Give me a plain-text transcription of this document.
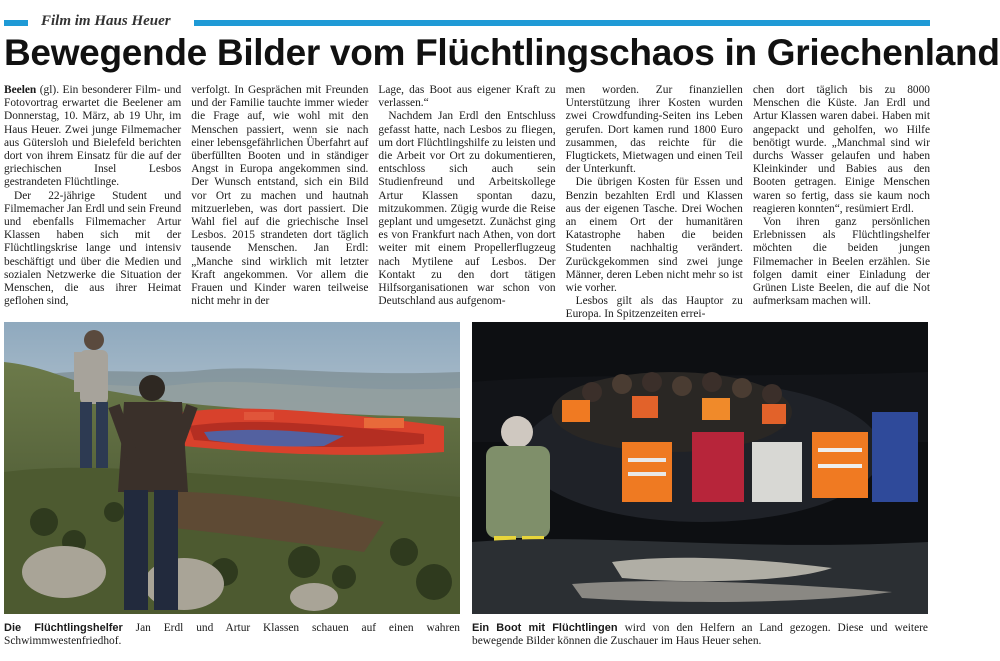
Film im Haus Heuer
Bewegende Bilder vom Flüchtlingschaos in Griechenland

Beelen (gl). Ein besonderer Film- und Fotovortrag erwartet die Beelener am Donnerstag, 10. März, ab 19 Uhr, im Haus Heuer. Zwei junge Filmemacher aus Gütersloh und Bielefeld berichten dort von ihrem Einsatz für die auf der griechischen Insel Lesbos gestrandeten Flüchtlinge.

Der 22-jährige Student und Filmemacher Jan Erdl und sein Freund und ebenfalls Filmemacher Artur Klassen haben sich mit der Flüchtlingskrise lange und intensiv beschäftigt und über die Medien und sozialen Netzwerke die Situation der Menschen, die aus ihrer Heimat geflohen sind,

verfolgt. In Gesprächen mit Freunden und der Familie tauchte immer wieder die Frage auf, wie wohl mit den Menschen passiert, wenn sie nach einer lebensgefährlichen Überfahrt auf überfüllten Booten und in ständiger Angst in Europa angekommen sind. Der Wunsch entstand, sich ein Bild vor Ort zu machen und hautnah mitzuerleben, was dort passiert. Die Wahl fiel auf die griechische Insel Lesbos. 2015 strandeten dort täglich tausende Menschen. Jan Erdl: „Manche sind wirklich mit letzter Kraft angekommen. Vor allem die Frauen und Kinder waren teilweise nicht mehr in der

Lage, das Boot aus eigener Kraft zu verlassen.“

Nachdem Jan Erdl den Entschluss gefasst hatte, nach Lesbos zu fliegen, um dort Flüchtlingshilfe zu leisten und die Arbeit vor Ort zu dokumentieren, entschloss sich auch sein Studienfreund und Arbeitskollege Artur Klassen spontan dazu, mitzukommen. Zügig wurde die Reise geplant und umgesetzt. Zunächst ging es von Frankfurt nach Athen, von dort weiter mit einem Propellerflugzeug nach Mytilene auf Lesbos. Der Kontakt zu den dort tätigen Hilfsorganisationen war schon von Deutschland aus aufgenom-

men worden. Zur finanziellen Unterstützung ihrer Kosten wurden zwei Crowdfunding-Seiten ins Leben gerufen. Dort kamen rund 1800 Euro zusammen, das reichte für die Flugtickets, Mietwagen und einen Teil der Unterkunft.

Die übrigen Kosten für Essen und Benzin bezahlten Erdl und Klassen aus der eigenen Tasche. Drei Wochen an einem Ort der humanitären Katastrophe haben die beiden Studenten nachhaltig verändert. Zurückgekommen sind zwei junge Männer, deren Leben nicht mehr so ist wie vorher.

Lesbos gilt als das Hauptor zu Europa. In Spitzenzeiten errei-

chen dort täglich bis zu 8000 Menschen die Küste. Jan Erdl und Artur Klassen waren dabei. Haben mit angepackt und geholfen, wo Hilfe benötigt wurde. „Manchmal sind wir durchs Wasser gelaufen und haben Kleinkinder und Babies aus den Booten getragen. Einige Menschen waren so fertig, dass sie kaum noch reagieren konnten“, resümiert Erdl.

Von ihren ganz persönlichen Erlebnissen als Flüchtlingshelfer möchten die beiden jungen Filmemacher in Beelen erzählen. Sie folgen damit einer Einladung der Grünen Liste Beelen, die auf die Not aufmerksam machen will.

Die Flüchtlingshelfer Jan Erdl und Artur Klassen schauen auf einen wahren Schwimmwestenfriedhof.
Ein Boot mit Flüchtlingen wird von den Helfern an Land gezogen. Diese und weitere bewegende Bilder können die Zuschauer im Haus Heuer sehen.
